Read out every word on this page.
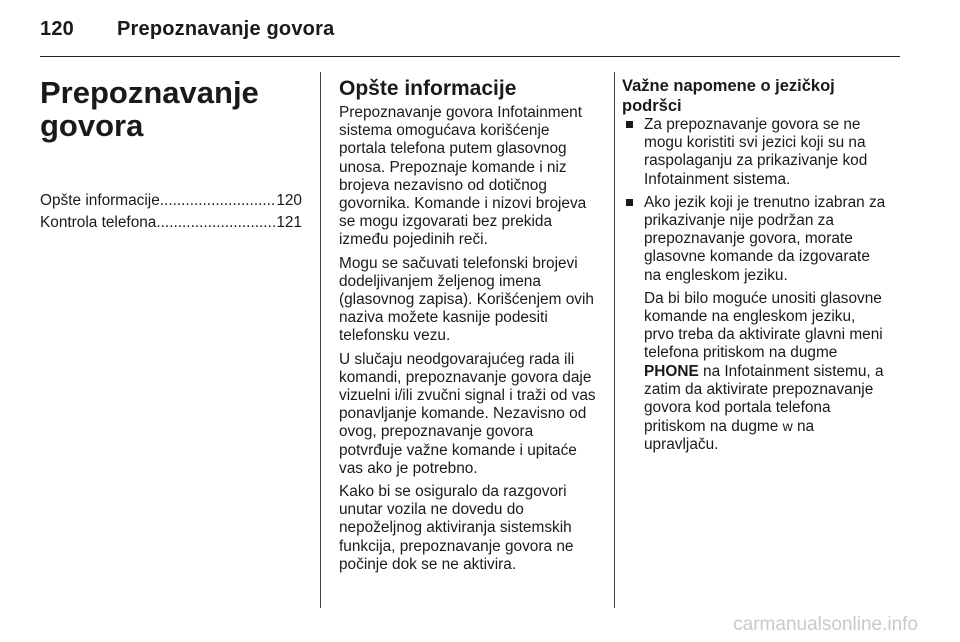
120 Prepoznavanje govora
Prepoznavanje
govora
Opšte informacije .....	120
Kontrola telefona .....	121
Opšte informacije

Prepoznavanje govora Infotainment
sistema omogućava korišćenje
portala telefona putem glasovnog
unosa. Prepoznaje komande i niz
brojeva nezavisno od dotičnog
govornika. Komande i nizovi brojeva
se mogu izgovarati bez prekida
između pojedinih reči.

Mogu se sačuvati telefonski brojevi
dodeljivanjem željenog imena
(glasovnog zapisa). Korišćenjem ovih
naziva možete kasnije podesiti
telefonsku vezu.

U slučaju neodgovarajućeg rada ili
komandi, prepoznavanje govora daje
vizuelni i/ili zvučni signal i traži od vas
ponavljanje komande. Nezavisno od
ovog, prepoznavanje govora
potvrđuje važne komande i upitaće
vas ako je potrebno.

Kako bi se osiguralo da razgovori
unutar vozila ne dovedu do
nepoželjnog aktiviranja sistemskih
funkcija, prepoznavanje govora ne
počinje dok se ne aktivira.

Važne napomene o jezičkoj
podršci
Za prepoznavanje govora se ne
mogu koristiti svi jezici koji su na
raspolaganju za prikazivanje kod
Infotainment sistema.

Ako jezik koji je trenutno izabran za
prikazivanje nije podržan za
prepoznavanje govora, morate
glasovne komande da izgovarate
na engleskom jeziku.

Da bi bilo moguće unositi glasovne
komande na engleskom jeziku,
prvo treba da aktivirate glavni meni
telefona pritiskom na dugme
PHONE na Infotainment sistemu, a
zatim da aktivirate prepoznavanje
govora kod portala telefona
pritiskom na dugme w na
upravljaču.

carmanualsonline.info
